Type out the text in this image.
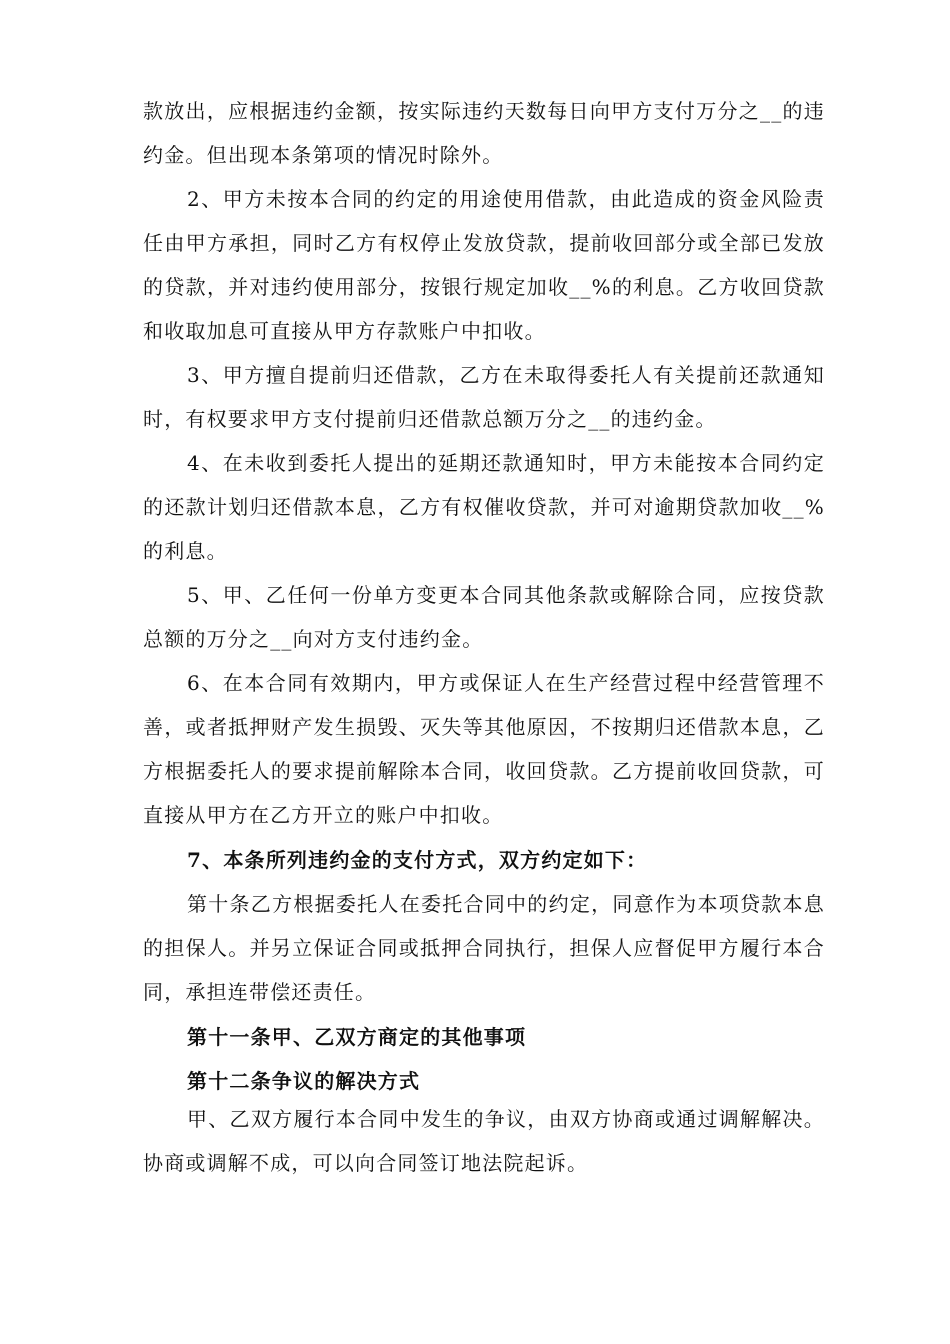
款放出，应根据违约金额，按实际违约天数每日向甲方支付万分之__的违约金。但出现本条第项的情况时除外。

2、甲方未按本合同的约定的用途使用借款，由此造成的资金风险责任由甲方承担，同时乙方有权停止发放贷款，提前收回部分或全部已发放的贷款，并对违约使用部分，按银行规定加收__%的利息。乙方收回贷款和收取加息可直接从甲方存款账户中扣收。

3、甲方擅自提前归还借款，乙方在未取得委托人有关提前还款通知时，有权要求甲方支付提前归还借款总额万分之__的违约金。

4、在未收到委托人提出的延期还款通知时，甲方未能按本合同约定的还款计划归还借款本息，乙方有权催收贷款，并可对逾期贷款加收__%的利息。

5、甲、乙任何一份单方变更本合同其他条款或解除合同，应按贷款总额的万分之__向对方支付违约金。

6、在本合同有效期内，甲方或保证人在生产经营过程中经营管理不善，或者抵押财产发生损毁、灭失等其他原因，不按期归还借款本息，乙方根据委托人的要求提前解除本合同，收回贷款。乙方提前收回贷款，可直接从甲方在乙方开立的账户中扣收。

7、本条所列违约金的支付方式，双方约定如下：

第十条乙方根据委托人在委托合同中的约定，同意作为本项贷款本息的担保人。并另立保证合同或抵押合同执行，担保人应督促甲方履行本合同，承担连带偿还责任。

第十一条甲、乙双方商定的其他事项

第十二条争议的解决方式

甲、乙双方履行本合同中发生的争议，由双方协商或通过调解解决。协商或调解不成，可以向合同签订地法院起诉。
